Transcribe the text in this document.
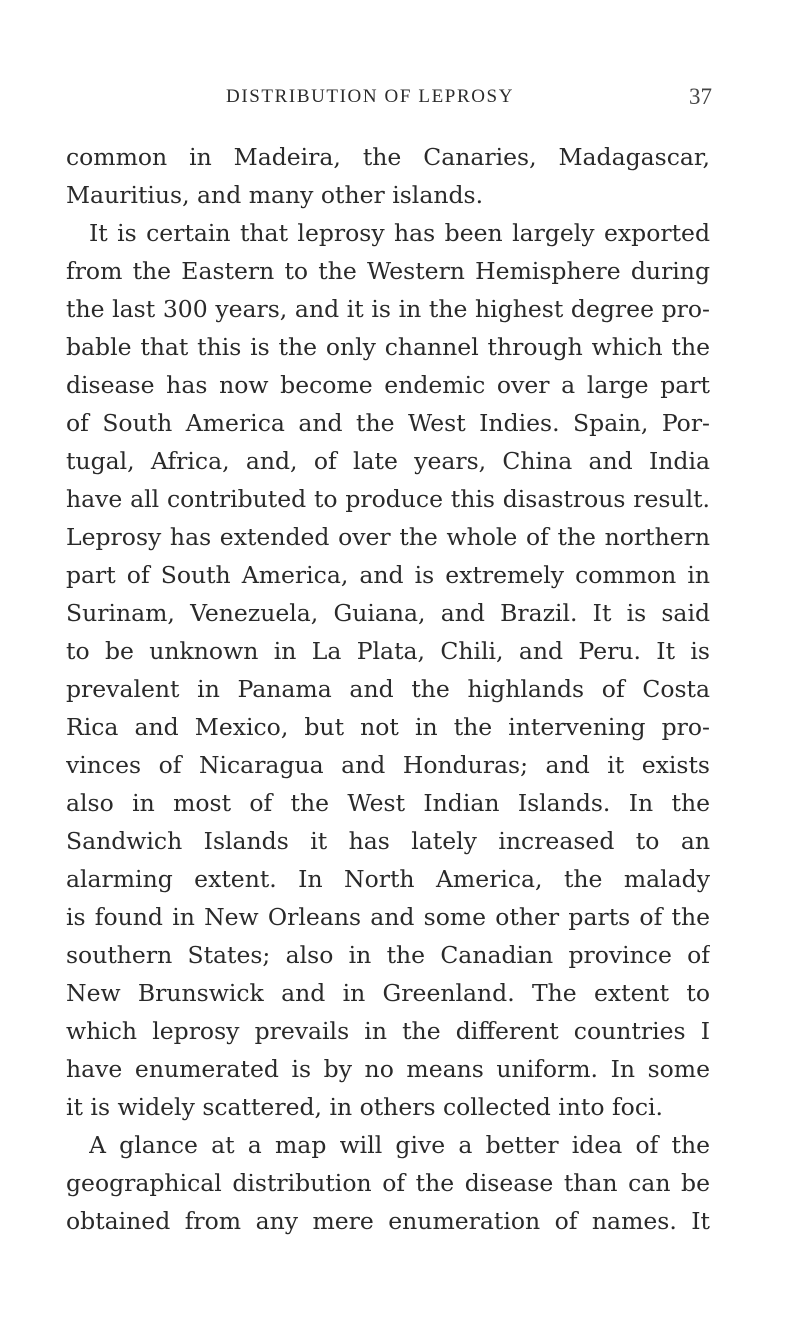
DISTRIBUTION OF LEPROSY	37
common in Madeira, the Canaries, Madagascar,
Mauritius, and many other islands.
It is certain that leprosy has been largely exported
from the Eastern to the Western Hemisphere during
the last 300 years, and it is in the highest degree pro-
bable that this is the only channel through which the
disease has now become endemic over a large part
of South America and the West Indies. Spain, Por-
tugal, Africa, and, of late years, China and India
have all contributed to produce this disastrous result.
Leprosy has extended over the whole of the northern
part of South America, and is extremely common in
Surinam, Venezuela, Guiana, and Brazil. It is said
to be unknown in La Plata, Chili, and Peru. It is
prevalent in Panama and the highlands of Costa
Rica and Mexico, but not in the intervening pro-
vinces of Nicaragua and Honduras; and it exists
also in most of the West Indian Islands. In the
Sandwich Islands it has lately increased to an
alarming extent. In North America, the malady
is found in New Orleans and some other parts of the
southern States; also in the Canadian province of
New Brunswick and in Greenland. The extent to
which leprosy prevails in the different countries I
have enumerated is by no means uniform. In some
it is widely scattered, in others collected into foci.
A glance at a map will give a better idea of the
geographical distribution of the disease than can be
obtained from any mere enumeration of names. It
